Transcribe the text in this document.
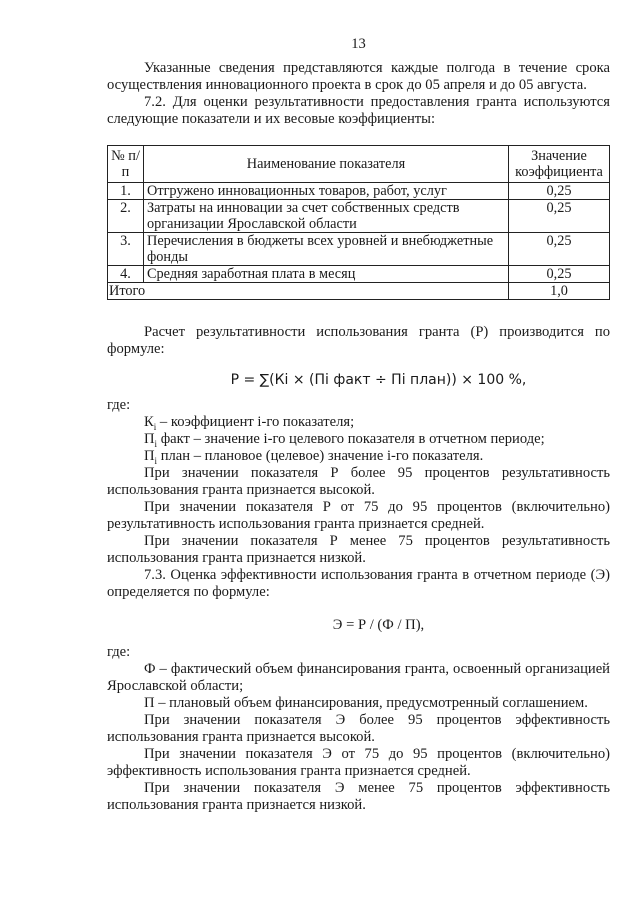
13

Указанные сведения представляются каждые полгода в течение срока осуществления инновационного проекта в срок до 05 апреля и до 05 августа.

7.2. Для оценки результативности предоставления гранта используются следующие показатели и их весовые коэффициенты:

№ п/п	Наименование показателя	Значение коэффициента
1.	Отгружено инновационных товаров, работ, услуг	0,25
2.	Затраты на инновации за счет собственных средств организации Ярославской области	0,25
3.	Перечисления в бюджеты всех уровней и внебюджетные фонды	0,25
4.	Средняя заработная плата в месяц	0,25
Итого		1,0

Расчет результативности использования гранта (Р) производится по формуле:

Р = ∑(Кi × (Пi факт ÷ Пi план)) × 100 %,

где:

$К_i$ – коэффициент i-го показателя;

$П_i$ факт – значение i-го целевого показателя в отчетном периоде;

$П_i$ план – плановое (целевое) значение i-го показателя.

При значении показателя Р более 95 процентов результативность использования гранта признается высокой.

При значении показателя Р от 75 до 95 процентов (включительно) результативность использования гранта признается средней.

При значении показателя Р менее 75 процентов результативность использования гранта признается низкой.

7.3. Оценка эффективности использования гранта в отчетном периоде (Э) определяется по формуле:

Э = Р / (Ф / П),

где:

Ф – фактический объем финансирования гранта, освоенный организацией Ярославской области;

П – плановый объем финансирования, предусмотренный соглашением.

При значении показателя Э более 95 процентов эффективность использования гранта признается высокой.

При значении показателя Э от 75 до 95 процентов (включительно) эффективность использования гранта признается средней.

При значении показателя Э менее 75 процентов эффективность использования гранта признается низкой.
